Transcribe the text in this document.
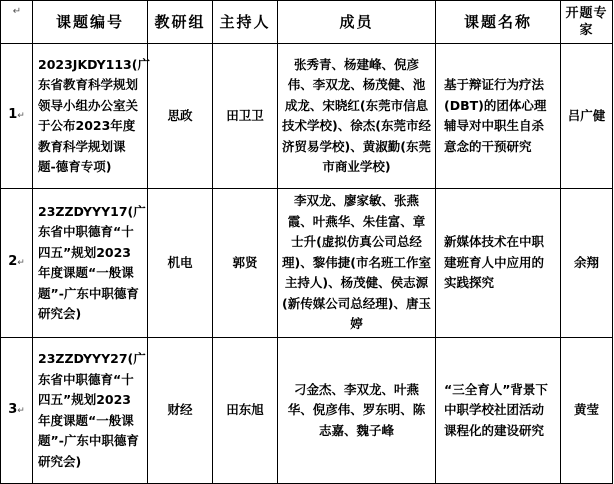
↵	课题编号	教研组	主持人	成员	课题名称	开题专家
1↵	2023JKDY113(广东省教育科学规划领导小组办公室关于公布2023年度教育科学规划课题-德育专项)	思政	田卫卫	张秀青、杨建峰、倪彦伟、李双龙、杨茂健、池成龙、宋晓红(东莞市信息技术学校)、徐杰(东莞市经济贸易学校)、黄淑勤(东莞市商业学校)	基于辩证行为疗法(DBT)的团体心理辅导对中职生自杀意念的干预研究	吕广健
2↵	23ZZDYYY17(广东省中职德育“十四五”规划2023年度课题“一般课题”-广东中职德育研究会)	机电	郭贤	李双龙、廖家敏、张燕霞、叶燕华、朱佳富、章士升(虚拟仿真公司总经理)、黎伟捷(市名班工作室主持人)、杨茂健、侯志源(新传媒公司总经理)、唐玉婷	新媒体技术在中职建班育人中应用的实践探究	余翔
3↵	23ZZDYYY27(广东省中职德育“十四五”规划2023年度课题“一般课题”-广东中职德育研究会)	财经	田东旭	刁金杰、李双龙、叶燕华、倪彦伟、罗东明、陈志嘉、魏子峰	“三全育人”背景下中职学校社团活动课程化的建设研究	黄莹
